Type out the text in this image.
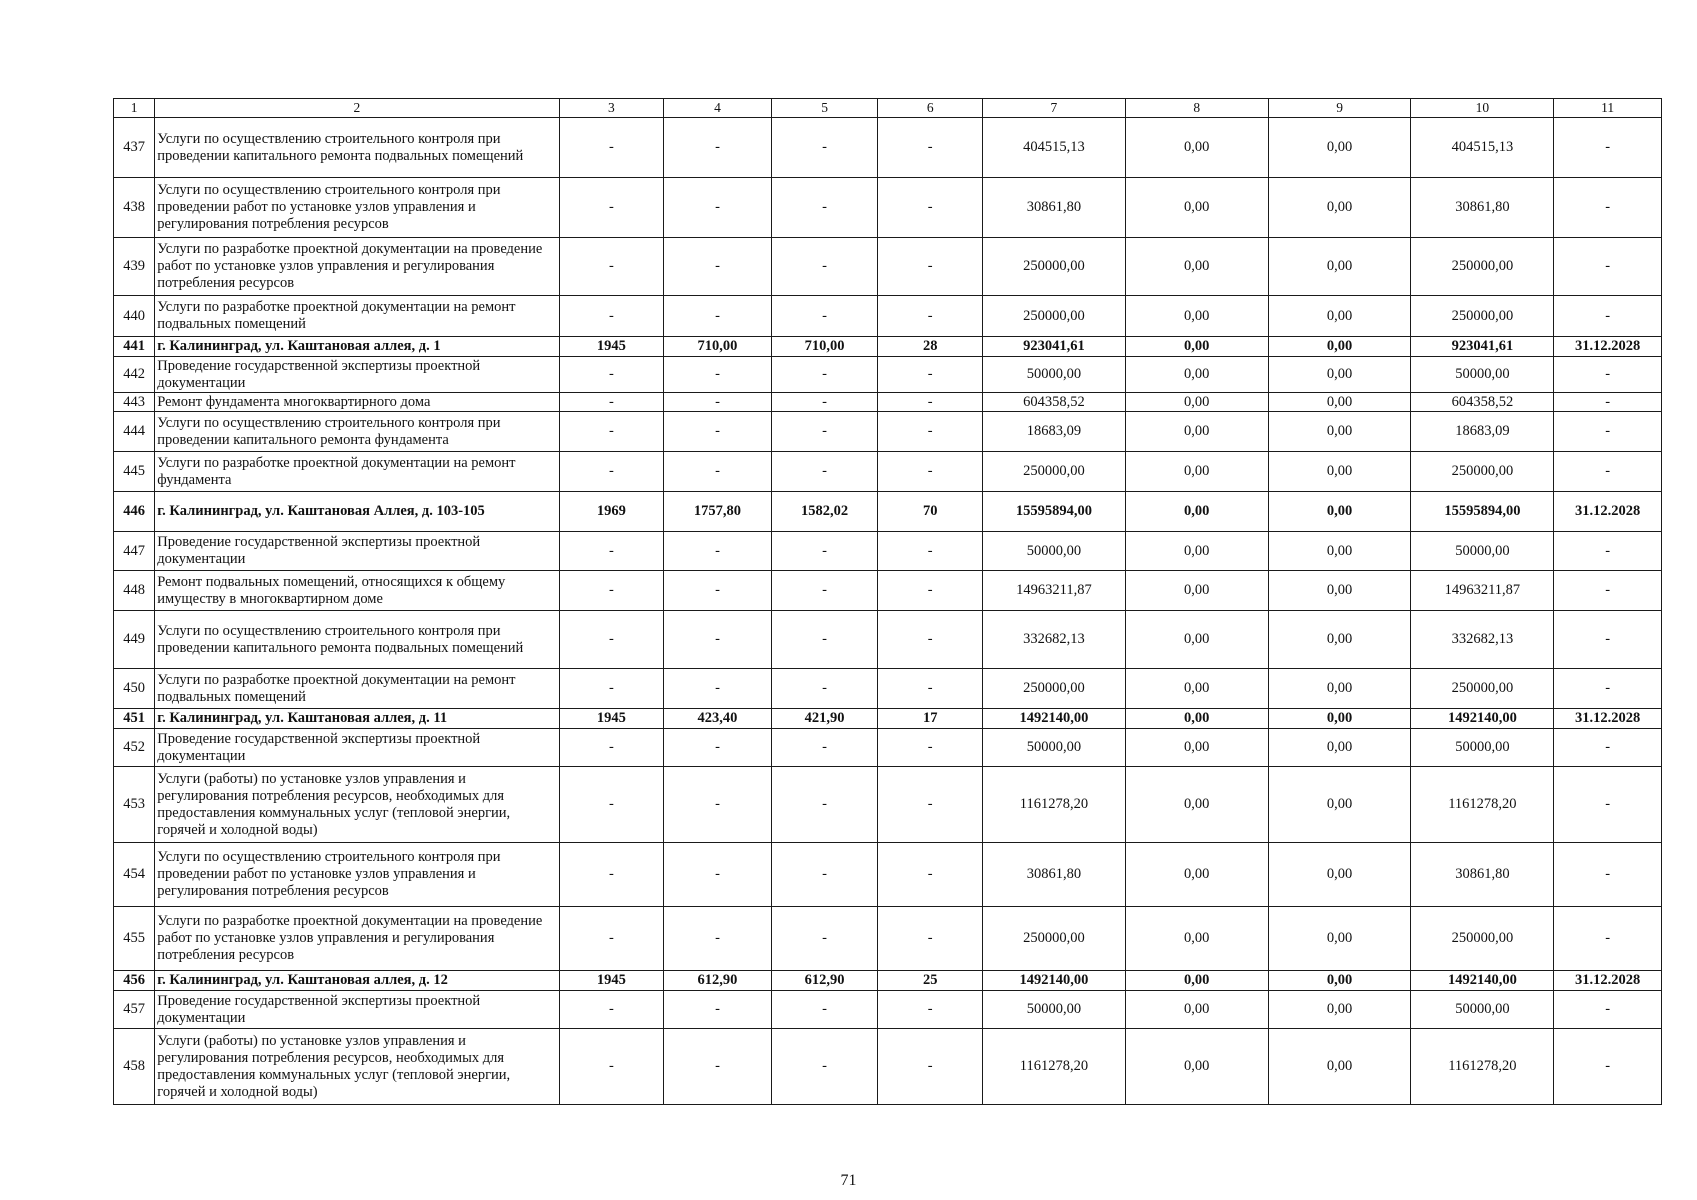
1	2	3	4	5	6	7	8	9	10	11
437	Услуги по осуществлению строительного контроля при проведении капитального ремонта подвальных помещений	-	-	-	-	404515,13	0,00	0,00	404515,13	-
438	Услуги по осуществлению строительного контроля при проведении работ по установке узлов управления и регулирования потребления ресурсов	-	-	-	-	30861,80	0,00	0,00	30861,80	-
439	Услуги по разработке проектной документации на проведение работ по установке узлов управления и регулирования потребления ресурсов	-	-	-	-	250000,00	0,00	0,00	250000,00	-
440	Услуги по разработке проектной документации на ремонт подвальных помещений	-	-	-	-	250000,00	0,00	0,00	250000,00	-
441	г. Калининград, ул. Каштановая аллея, д. 1	1945	710,00	710,00	28	923041,61	0,00	0,00	923041,61	31.12.2028
442	Проведение государственной экспертизы проектной документации	-	-	-	-	50000,00	0,00	0,00	50000,00	-
443	Ремонт фундамента многоквартирного дома	-	-	-	-	604358,52	0,00	0,00	604358,52	-
444	Услуги по осуществлению строительного контроля при проведении капитального ремонта фундамента	-	-	-	-	18683,09	0,00	0,00	18683,09	-
445	Услуги по разработке проектной документации на ремонт фундамента	-	-	-	-	250000,00	0,00	0,00	250000,00	-
446	г. Калининград, ул. Каштановая Аллея, д. 103-105	1969	1757,80	1582,02	70	15595894,00	0,00	0,00	15595894,00	31.12.2028
447	Проведение государственной экспертизы проектной документации	-	-	-	-	50000,00	0,00	0,00	50000,00	-
448	Ремонт подвальных помещений, относящихся к общему имуществу в многоквартирном доме	-	-	-	-	14963211,87	0,00	0,00	14963211,87	-
449	Услуги по осуществлению строительного контроля при проведении капитального ремонта подвальных помещений	-	-	-	-	332682,13	0,00	0,00	332682,13	-
450	Услуги по разработке проектной документации на ремонт подвальных помещений	-	-	-	-	250000,00	0,00	0,00	250000,00	-
451	г. Калининград, ул. Каштановая аллея, д. 11	1945	423,40	421,90	17	1492140,00	0,00	0,00	1492140,00	31.12.2028
452	Проведение государственной экспертизы проектной документации	-	-	-	-	50000,00	0,00	0,00	50000,00	-
453	Услуги (работы) по установке узлов управления и регулирования потребления ресурсов, необходимых для предоставления коммунальных услуг (тепловой энергии, горячей и холодной воды)	-	-	-	-	1161278,20	0,00	0,00	1161278,20	-
454	Услуги по осуществлению строительного контроля при проведении работ по установке узлов управления и регулирования потребления ресурсов	-	-	-	-	30861,80	0,00	0,00	30861,80	-
455	Услуги по разработке проектной документации на проведение работ по установке узлов управления и регулирования потребления ресурсов	-	-	-	-	250000,00	0,00	0,00	250000,00	-
456	г. Калининград, ул. Каштановая аллея, д. 12	1945	612,90	612,90	25	1492140,00	0,00	0,00	1492140,00	31.12.2028
457	Проведение государственной экспертизы проектной документации	-	-	-	-	50000,00	0,00	0,00	50000,00	-
458	Услуги (работы) по установке узлов управления и регулирования потребления ресурсов, необходимых для предоставления коммунальных услуг (тепловой энергии, горячей и холодной воды)	-	-	-	-	1161278,20	0,00	0,00	1161278,20	-
71
